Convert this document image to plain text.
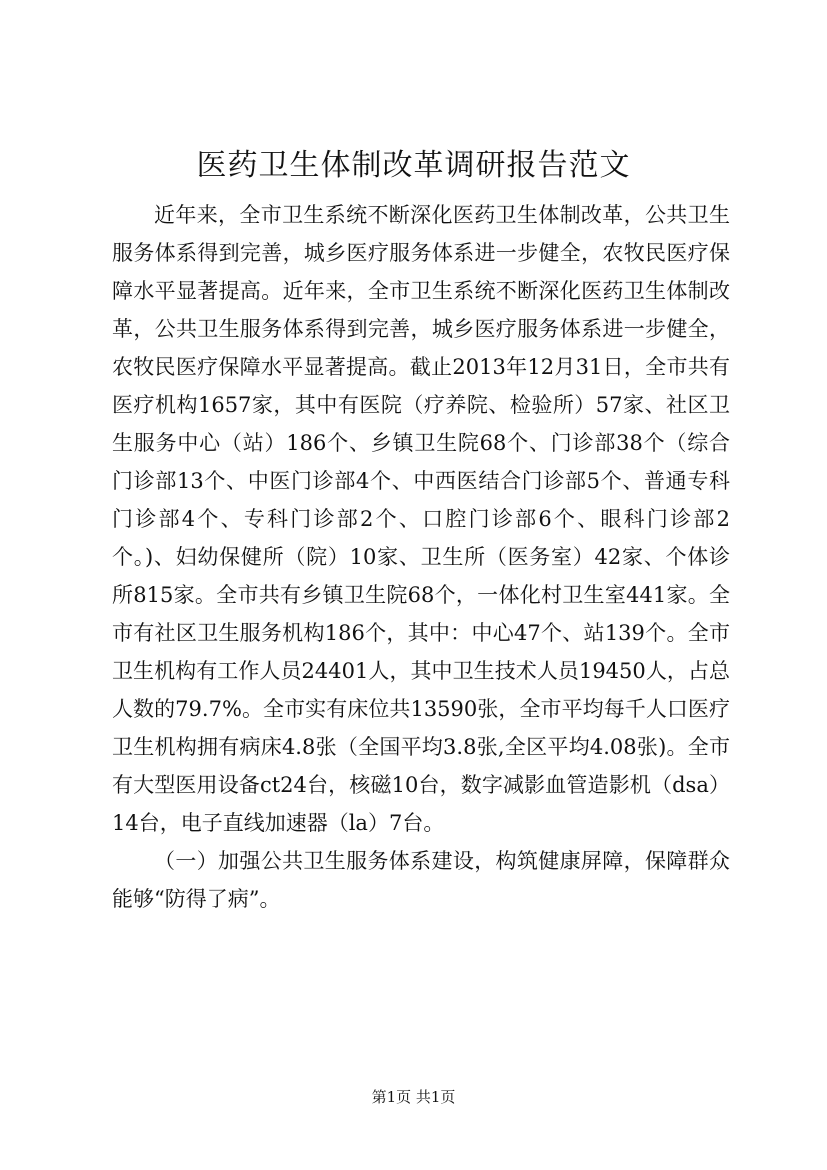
医药卫生体制改革调研报告范文

近年来，全市卫生系统不断深化医药卫生体制改革，公共卫生服务体系得到完善，城乡医疗服务体系进一步健全，农牧民医疗保障水平显著提高。近年来，全市卫生系统不断深化医药卫生体制改革，公共卫生服务体系得到完善，城乡医疗服务体系进一步健全，农牧民医疗保障水平显著提高。截止2013年12月31日，全市共有医疗机构1657家，其中有医院（疗养院、检验所）57家、社区卫生服务中心（站）186个、乡镇卫生院68个、门诊部38个（综合门诊部13个、中医门诊部4个、中西医结合门诊部5个、普通专科门诊部4个、专科门诊部2个、口腔门诊部6个、眼科门诊部2个。)、妇幼保健所（院）10家、卫生所（医务室）42家、个体诊所815家。全市共有乡镇卫生院68个，一体化村卫生室441家。全市有社区卫生服务机构186个，其中：中心47个、站139个。全市卫生机构有工作人员24401人，其中卫生技术人员19450人，占总人数的79.7%。全市实有床位共13590张，全市平均每千人口医疗卫生机构拥有病床4.8张（全国平均3.8张,全区平均4.08张)。全市有大型医用设备ct24台，核磁10台，数字减影血管造影机（dsa）14台，电子直线加速器（la）7台。

（一）加强公共卫生服务体系建设，构筑健康屏障，保障群众能够“防得了病”。

第1页 共1页
